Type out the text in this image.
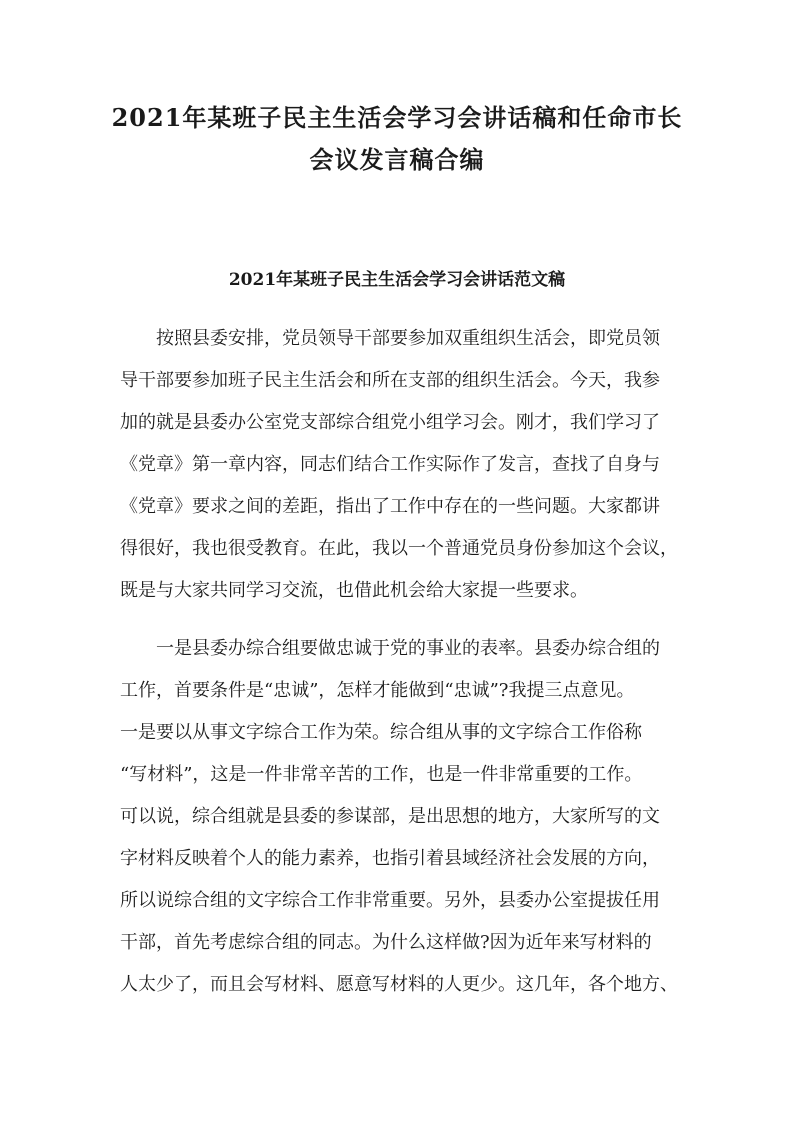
2021年某班子民主生活会学习会讲话稿和任命市长
会议发言稿合编
2021年某班子民主生活会学习会讲话范文稿

按照县委安排，党员领导干部要参加双重组织生活会，即党员领

导干部要参加班子民主生活会和所在支部的组织生活会。今天，我参

加的就是县委办公室党支部综合组党小组学习会。刚才，我们学习了

《党章》第一章内容，同志们结合工作实际作了发言，查找了自身与

《党章》要求之间的差距，指出了工作中存在的一些问题。大家都讲

得很好，我也很受教育。在此，我以一个普通党员身份参加这个会议，

既是与大家共同学习交流，也借此机会给大家提一些要求。

一是县委办综合组要做忠诚于党的事业的表率。县委办综合组的

工作，首要条件是“忠诚”，怎样才能做到“忠诚”?我提三点意见。

一是要以从事文字综合工作为荣。综合组从事的文字综合工作俗称

“写材料”，这是一件非常辛苦的工作，也是一件非常重要的工作。

可以说，综合组就是县委的参谋部，是出思想的地方，大家所写的文

字材料反映着个人的能力素养，也指引着县域经济社会发展的方向，

所以说综合组的文字综合工作非常重要。另外，县委办公室提拔任用

干部，首先考虑综合组的同志。为什么这样做?因为近年来写材料的

人太少了，而且会写材料、愿意写材料的人更少。这几年，各个地方、
